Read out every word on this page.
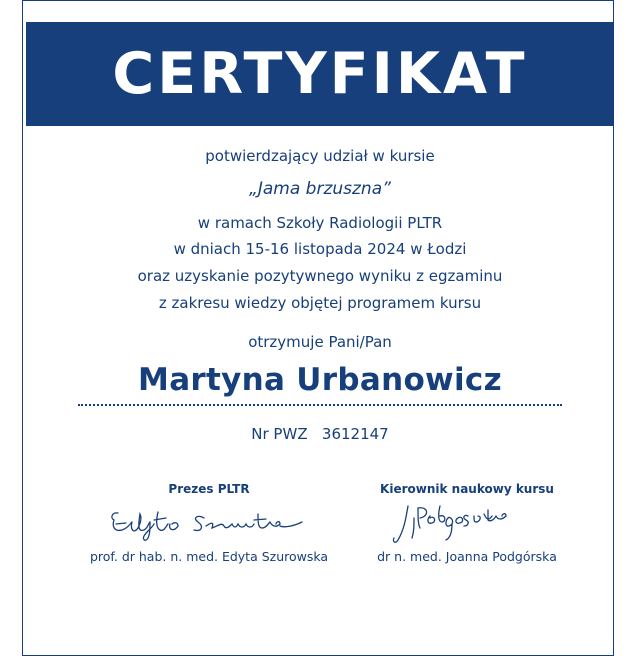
CERTYFIKAT
potwierdzający udział w kursie
„Jama brzuszna”
w ramach Szkoły Radiologii PLTR
w dniach 15-16 listopada 2024 w Łodzi
oraz uzyskanie pozytywnego wyniku z egzaminu
z zakresu wiedzy objętej programem kursu
otrzymuje Pani/Pan
Martyna Urbanowicz
Nr PWZ   3612147
Prezes PLTR
prof. dr hab. n. med. Edyta Szurowska
Kierownik naukowy kursu
dr n. med. Joanna Podgórska
